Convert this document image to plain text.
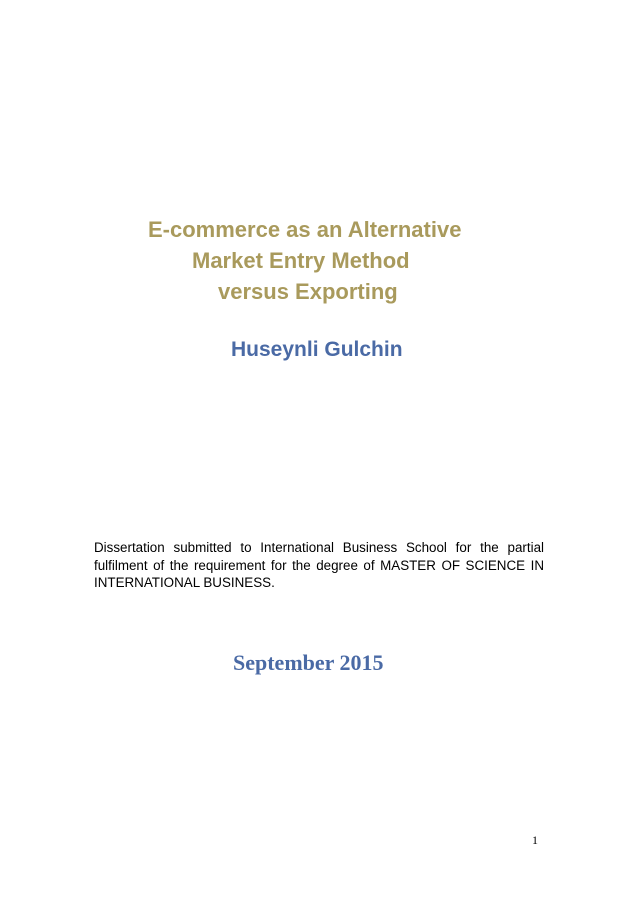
E-commerce as an Alternative
Market Entry Method
versus Exporting
Huseynli Gulchin
Dissertation submitted to International Business School for the partial fulfilment of the requirement for the degree of MASTER OF SCIENCE IN INTERNATIONAL BUSINESS.
September 2015
1
